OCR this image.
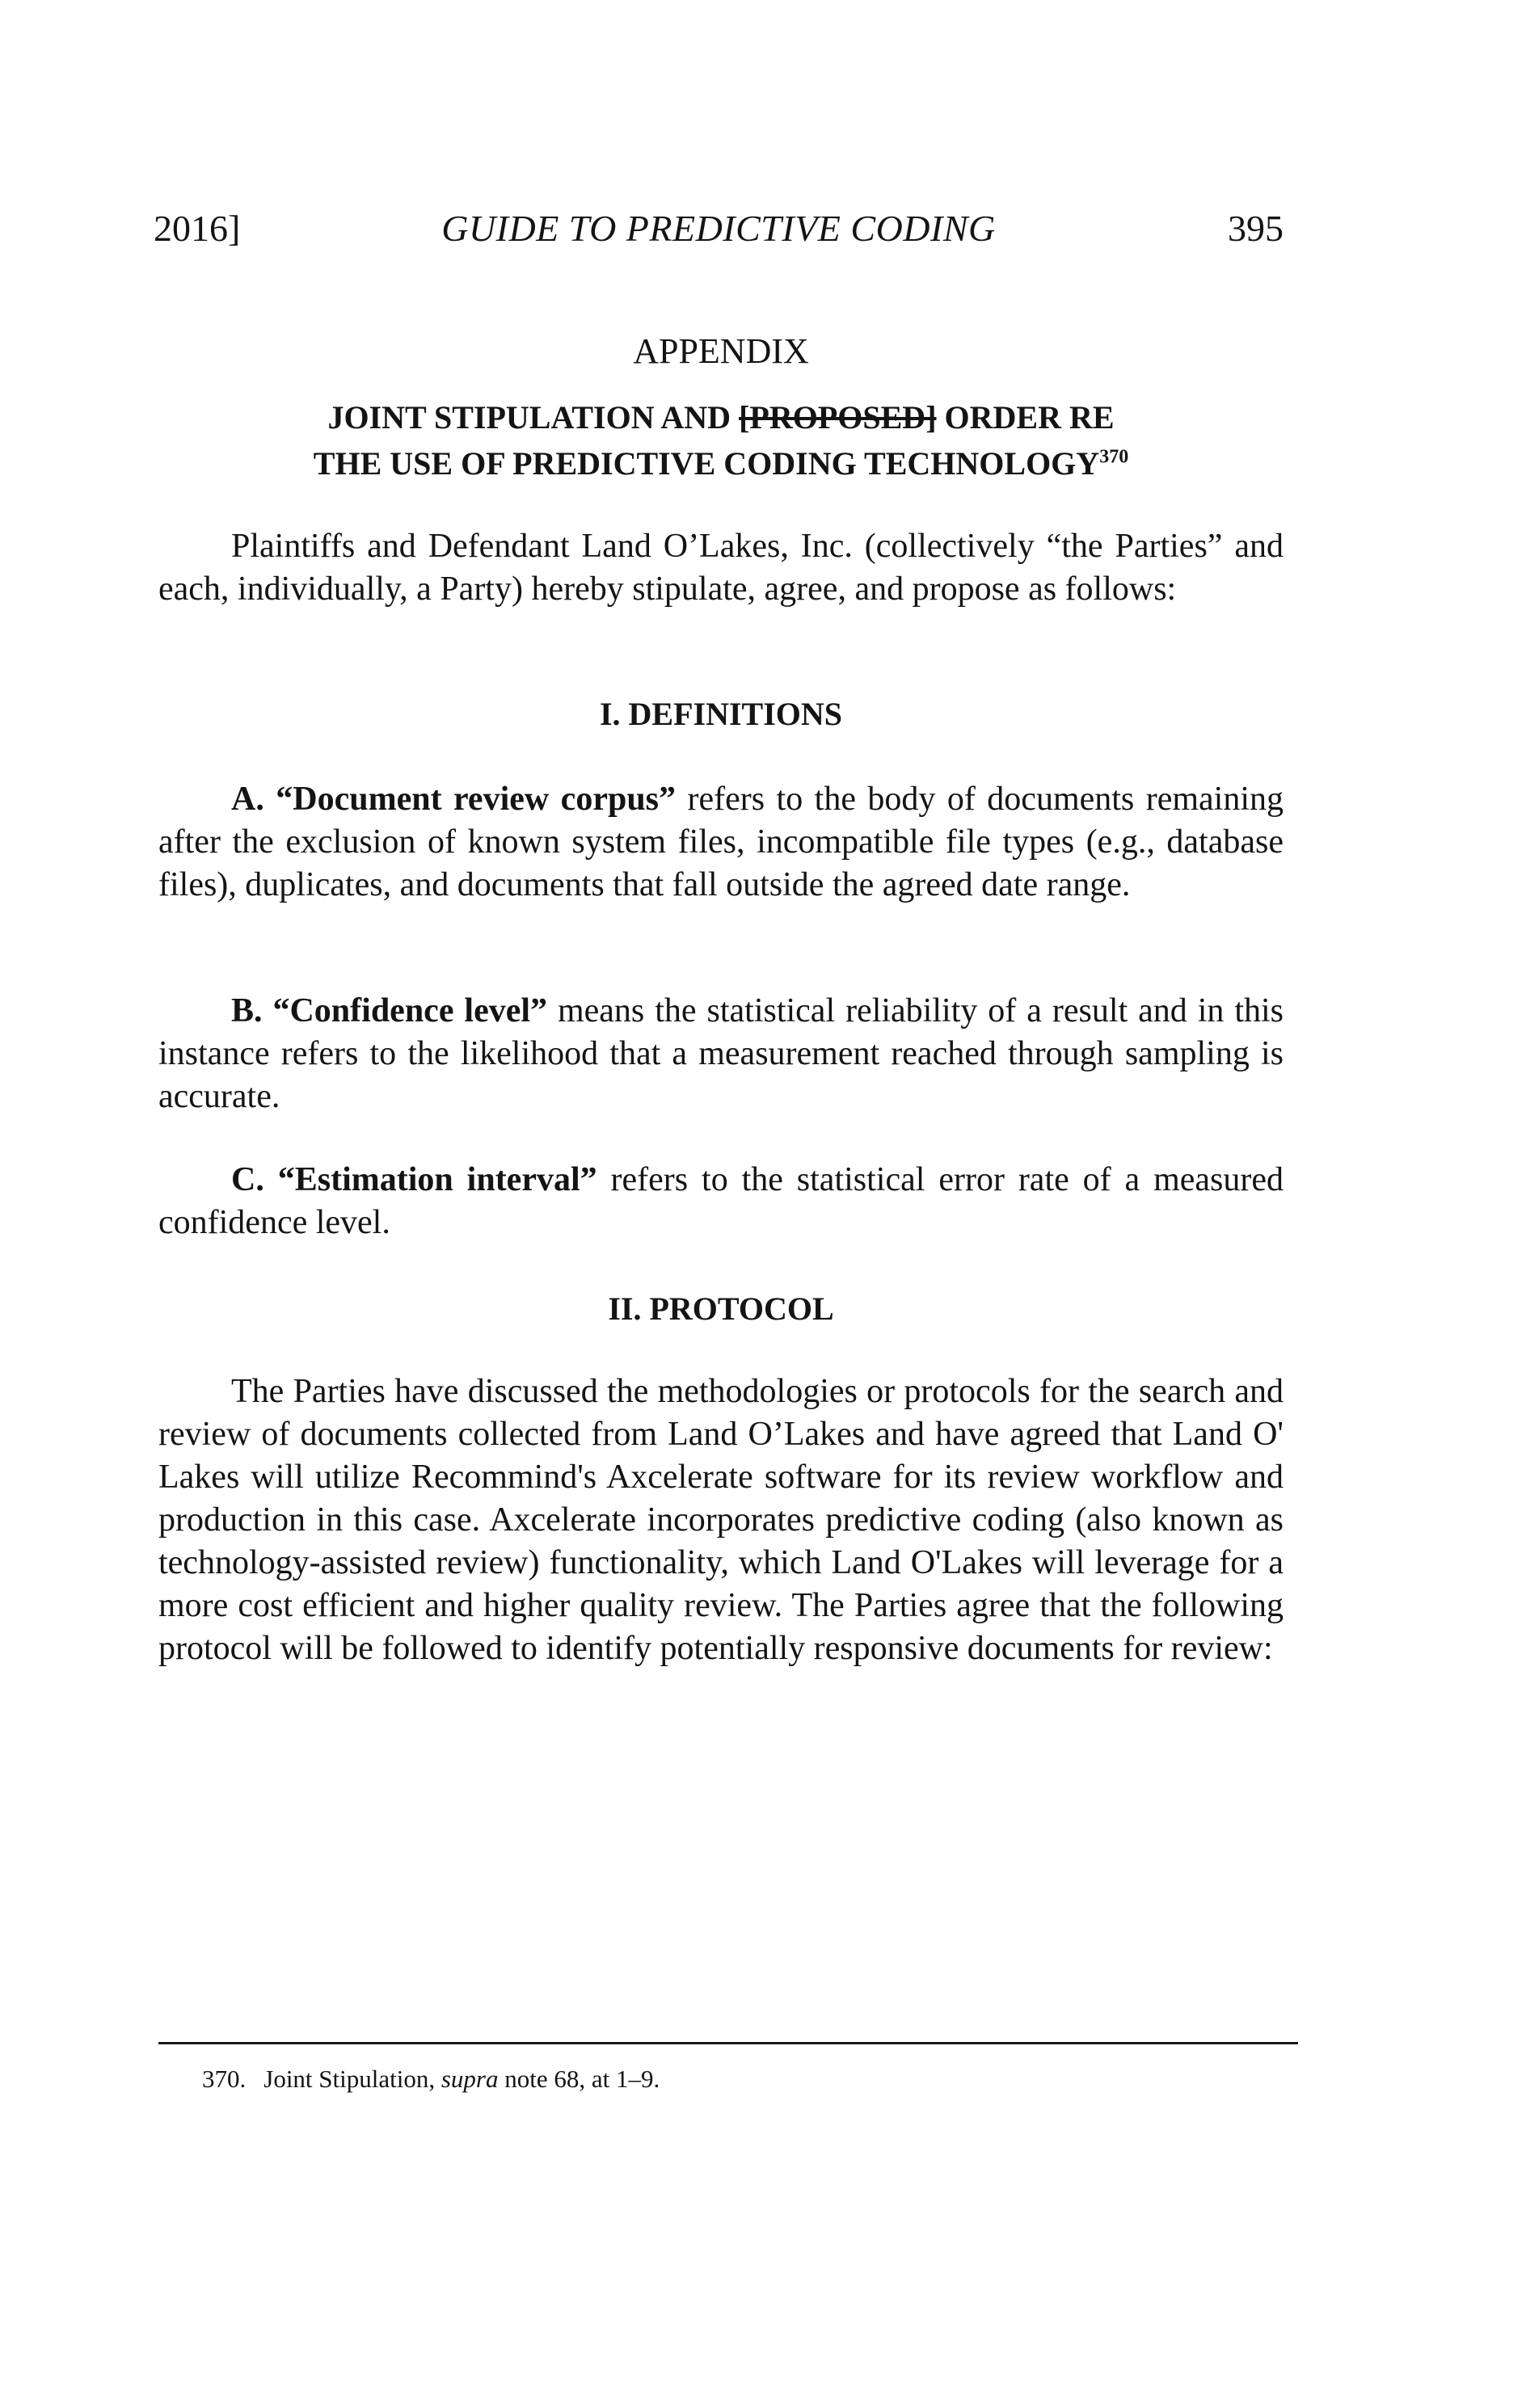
2016]	GUIDE TO PREDICTIVE CODING	395
APPENDIX
JOINT STIPULATION AND [PROPOSED] ORDER RE
THE USE OF PREDICTIVE CODING TECHNOLOGY$^{370}$

Plaintiffs and Defendant Land O’Lakes, Inc. (collectively “the Parties” and each, individually, a Party) hereby stipulate, agree, and propose as follows:

I. DEFINITIONS

A. “Document review corpus” refers to the body of documents remaining after the exclusion of known system files, incompatible file types (e.g., database files), duplicates, and documents that fall outside the agreed date range.

B. “Confidence level” means the statistical reliability of a result and in this instance refers to the likelihood that a measurement reached through sampling is accurate.

C. “Estimation interval” refers to the statistical error rate of a measured confidence level.

II. PROTOCOL

The Parties have discussed the methodologies or protocols for the search and review of documents collected from Land O’Lakes and have agreed that Land O' Lakes will utilize Recommind's Axcelerate software for its review workflow and production in this case. Axcelerate incorporates predictive coding (also known as technology-assisted review) functionality, which Land O'Lakes will leverage for a more cost efficient and higher quality review. The Parties agree that the following protocol will be followed to identify potentially responsive documents for review:

370. Joint Stipulation, supra note 68, at 1–9.
